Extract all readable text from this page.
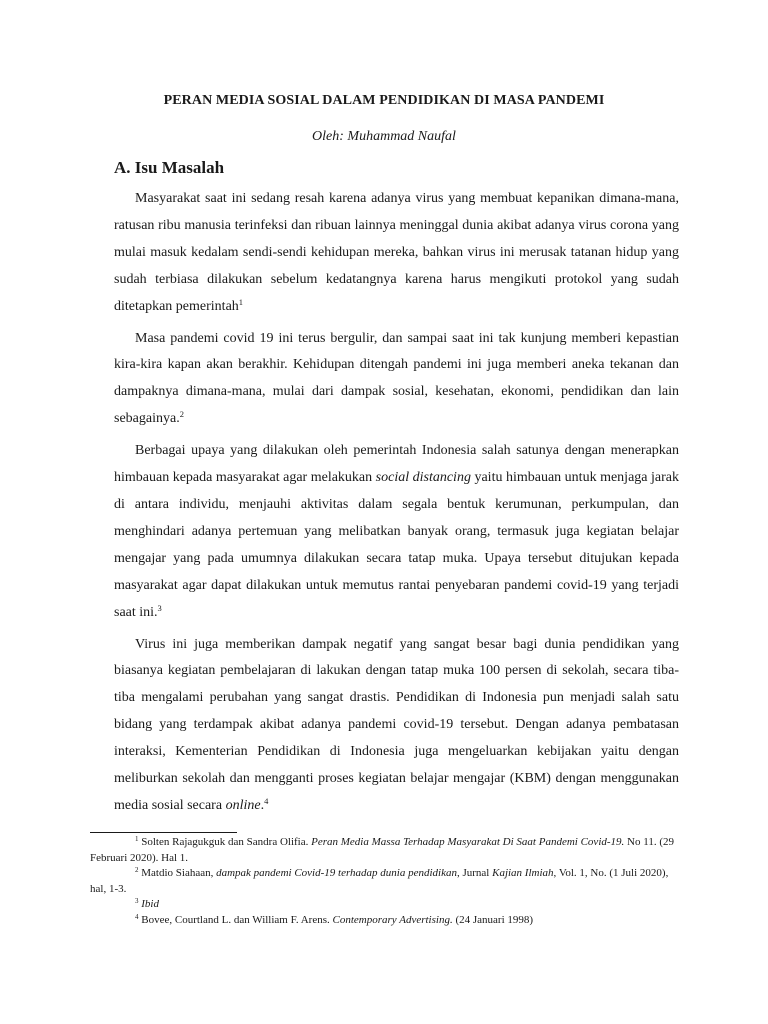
PERAN MEDIA SOSIAL DALAM PENDIDIKAN DI MASA PANDEMI
Oleh: Muhammad Naufal
A. Isu Masalah

Masyarakat saat ini sedang resah karena adanya virus yang membuat kepanikan dimana-mana, ratusan ribu manusia terinfeksi dan ribuan lainnya meninggal dunia akibat adanya virus corona yang mulai masuk kedalam sendi-sendi kehidupan mereka, bahkan virus ini merusak tatanan hidup yang sudah terbiasa dilakukan sebelum kedatangnya karena harus mengikuti protokol yang sudah ditetapkan pemerintah$^1$

Masa pandemi covid 19 ini terus bergulir, dan sampai saat ini tak kunjung memberi kepastian kira-kira kapan akan berakhir. Kehidupan ditengah pandemi ini juga memberi aneka tekanan dan dampaknya dimana-mana, mulai dari dampak sosial, kesehatan, ekonomi, pendidikan dan lain sebagainya.$^2$

Berbagai upaya yang dilakukan oleh pemerintah Indonesia salah satunya dengan menerapkan himbauan kepada masyarakat agar melakukan social distancing yaitu himbauan untuk menjaga jarak di antara individu, menjauhi aktivitas dalam segala bentuk kerumunan, perkumpulan, dan menghindari adanya pertemuan yang melibatkan banyak orang, termasuk juga kegiatan belajar mengajar yang pada umumnya dilakukan secara tatap muka. Upaya tersebut ditujukan kepada masyarakat agar dapat dilakukan untuk memutus rantai penyebaran pandemi covid-19 yang terjadi saat ini.$^3$

Virus ini juga memberikan dampak negatif yang sangat besar bagi dunia pendidikan yang biasanya kegiatan pembelajaran di lakukan dengan tatap muka 100 persen di sekolah, secara tiba-tiba mengalami perubahan yang sangat drastis. Pendidikan di Indonesia pun menjadi salah satu bidang yang terdampak akibat adanya pandemi covid-19 tersebut. Dengan adanya pembatasan interaksi, Kementerian Pendidikan di Indonesia juga mengeluarkan kebijakan yaitu dengan meliburkan sekolah dan mengganti proses kegiatan belajar mengajar (KBM) dengan menggunakan media sosial secara online.$^4$

$^1$ Solten Rajagukguk dan Sandra Olifia. Peran Media Massa Terhadap Masyarakat Di Saat Pandemi Covid-19. No 11. (29 Februari 2020). Hal 1.

$^2$ Matdio Siahaan, dampak pandemi Covid-19 terhadap dunia pendidikan, Jurnal Kajian Ilmiah, Vol. 1, No. (1 Juli 2020), hal, 1-3.

$^3$ Ibid

$^4$ Bovee, Courtland L. dan William F. Arens. Contemporary Advertising. (24 Januari 1998)
